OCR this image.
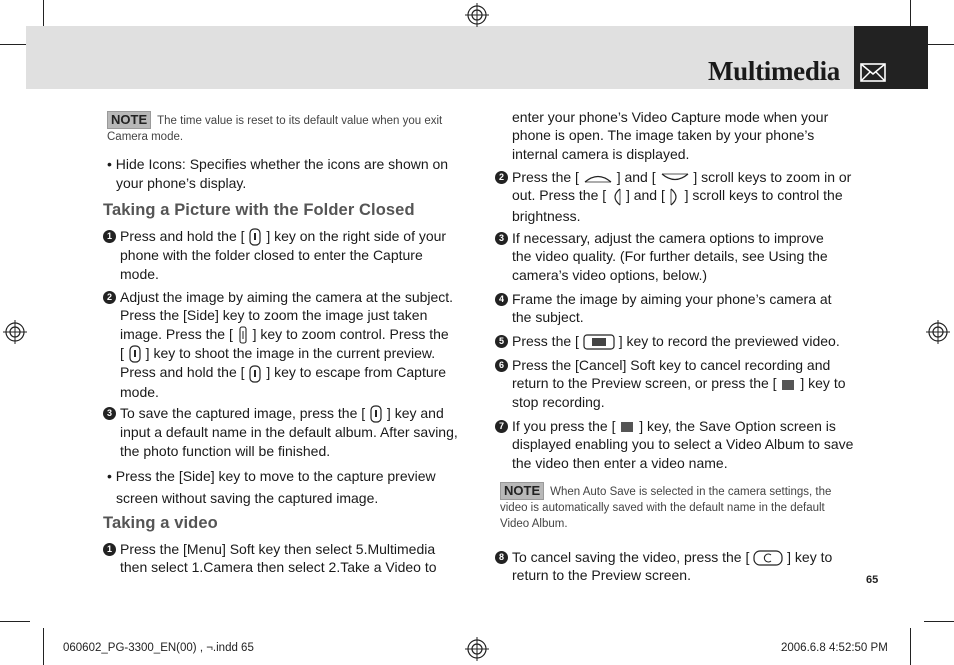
Multimedia
NOTE The time value is reset to its default value when you exit
Camera mode.
• Hide Icons: Specifies whether the icons are shown on
your phone’s display.
Taking a Picture with the Folder Closed
1 Press and hold the [ ] key on the right side of your
phone with the folder closed to enter the Capture
mode.
2 Adjust the image by aiming the camera at the subject.
Press the [Side] key to zoom the image just taken
image. Press the [ ] key to zoom control. Press the
[ ] key to shoot the image in the current preview.
Press and hold the [ ] key to escape from Capture
mode.
3 To save the captured image, press the [ ] key and
input a default name in the default album. After saving,
the photo function will be finished.
• Press the [Side] key to move to the capture preview
screen without saving the captured image.
Taking a video
1 Press the [Menu] Soft key then select 5.Multimedia
then select 1.Camera then select 2.Take a Video to
enter your phone’s Video Capture mode when your
phone is open. The image taken by your phone’s
internal camera is displayed.
2 Press the [	] and [	] scroll keys to zoom in or
out. Press the [ ] and [ ] scroll keys to control the
brightness.
3 If necessary, adjust the camera options to improve
the video quality. (For further details, see Using the
camera’s video options, below.)
4 Frame the image by aiming your phone’s camera at
the subject.
5 Press the [	] key to record the previewed video.
6 Press the [Cancel] Soft key to cancel recording and
return to the Preview screen, or press the [ ] key to
stop recording.
7 If you press the [ ] key, the Save Option screen is
displayed enabling you to select a Video Album to save
the video then enter a video name.
NOTE When Auto Save is selected in the camera settings, the
video is automatically saved with the default name in the default
Video Album.
8 To cancel saving the video, press the [	] key to
return to the Preview screen.	65
060602_PG-3300_EN(00) , ¬.indd 65	2006.6.8 4:52:50 PM
